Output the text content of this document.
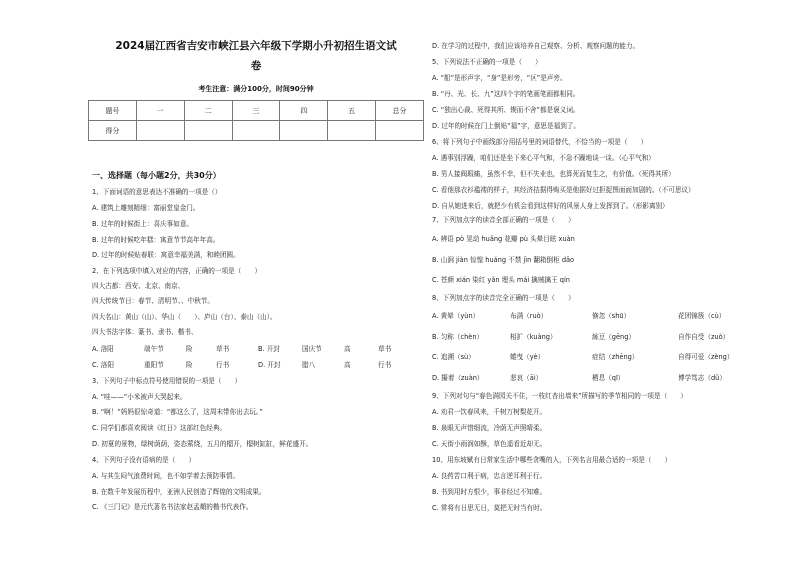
2024届江西省吉安市峡江县六年级下学期小升初招生语文试
卷
考生注意：满分100分，时间90分钟
题号	一	二	三	四	五	总分
得分						
一、选择题（每小题2分，共30分）
1、下面词语的意思表达不准确的一项是（）
A. 建筑上雕刻精细：富丽堂皇金门。
B. 过年的时候街上：喜庆事如意。
B. 过年的时候吃年糕：寓意节节高年年高。
D. 过年的时候贴春联：寓意幸福美满，和睦团圆。
2、在下列选项中填入对应的内容，正确的一项是（　　）
四大古都：西安、北京、南京、
四大传统节日：春节、清明节、、中秋节。
四大名山：黄山（山）、华山（　　）、庐山（台）、泰山（山）。
四大书法字体：篆书、隶书、楷书、
A. 洛阳	端午节	险	草书	B. 开封	国庆节	高	草书
C. 洛阳	重阳节	险	行书	D. 开封	腊八	高	行书
3、下列句子中标点符号使用错误的一项是（　　）
A. “哇——”小米被声大哭起来。
B. “啊！”妈妈很惊奇道：“都这么了，这周末带你出去玩。”
C. 同学们都喜欢阅读《红日》这部红色经典。
D. 初夏的景物，绿树荫荫，姿态萦绕，五月的榴开，榴树缸缸，鲜花盛开。
4、下列句子没有语病的是（　　）
A. 与其生闷气浪费时间，也不如学着去预防事情。
B. 在数千年发展历程中，亚洲人民创造了辉煌的文明成果。
C. 《三门记》是元代著名书法家赵孟頫的楷书代表作。
D. 在学习的过程中，我们应该培养自己观察、分析、观察问题的能力。
5、下列说法不正确的一项是（　　）
A. “船”是形声字，“身”是形旁，“区”是声旁。
B. “丹、光、长、九”这四个字的笔画笔画都相同。
C. “独出心裁、死得其所、锲而不舍”都是褒义词。
D. 过年的时候在门上倒贴“福”字，意思是福到了。
6、将下列句子中画线部分用括号里的词语替代，不恰当的一项是（　　）
A. 遇事别浮躁，咱们还是坐下来心平气和，不急不躁地谈一谈。（心平气和）
B. 男人接阀瑕痛，虽然不幸，但不失业也，也算死而复生之，有价值。（死得其所）
C. 看他那衣衫褴褛的样子，其经济拮据得购买是他据好过拒捉图面面加剧的。（不可思议）
D. 自从她进来后，就把少有机会看到这样好的风景人身上发挥到了。（形影离别）
7、下列加点字的读音全部正确的一项是（　　）
A. 辨语 pò 晃动 huǎng 花瓣 pù 头晕目眩 xuàn
B. 山涧 jiàn 惊惶 huáng 不禁 jìn 翻箱倒柜 dǎo
C. 苍颜 xián 染红 yǎn 埋头 mái 擒贼擒王 qín
8、下列加点字的读音完全正确的一项是（　　）
A. 黄晕（yùn）	布满（ruò）	倏忽（shū）	花团锦簇（cù）
B. 匀称（chèn）	相扩（kuàng）	絲豆（gēng）	自作自受（zuò）
C. 追溯（sù）	蜷曳（yè）	症结（zhēng）	自得可爱（zèng）
D. 攥着（zuàn）	悲哀（āi）	栖息（qī）	博学笃志（dǔ）
9、下列对句与“春色满园关不住，一枝红杏出墙来”所描写的季节相同的一项是（　　）
A. 劝君一饮春风来，千树万树梨花开。
B. 泉眼无声惜细流，冷荫无声照晴柔。
C. 天街小雨润如酥，草色遥看近却无。
10、用东坡赋有日常家生活中哪些贪嘴的人，下列名言用最合适的一项是（　　）
A. 良药苦口利于病，忠言逆耳利于行。
B. 书到用时方恨少，事非经过不知难。
C. 常将有日思无日，莫把无时当有时。
